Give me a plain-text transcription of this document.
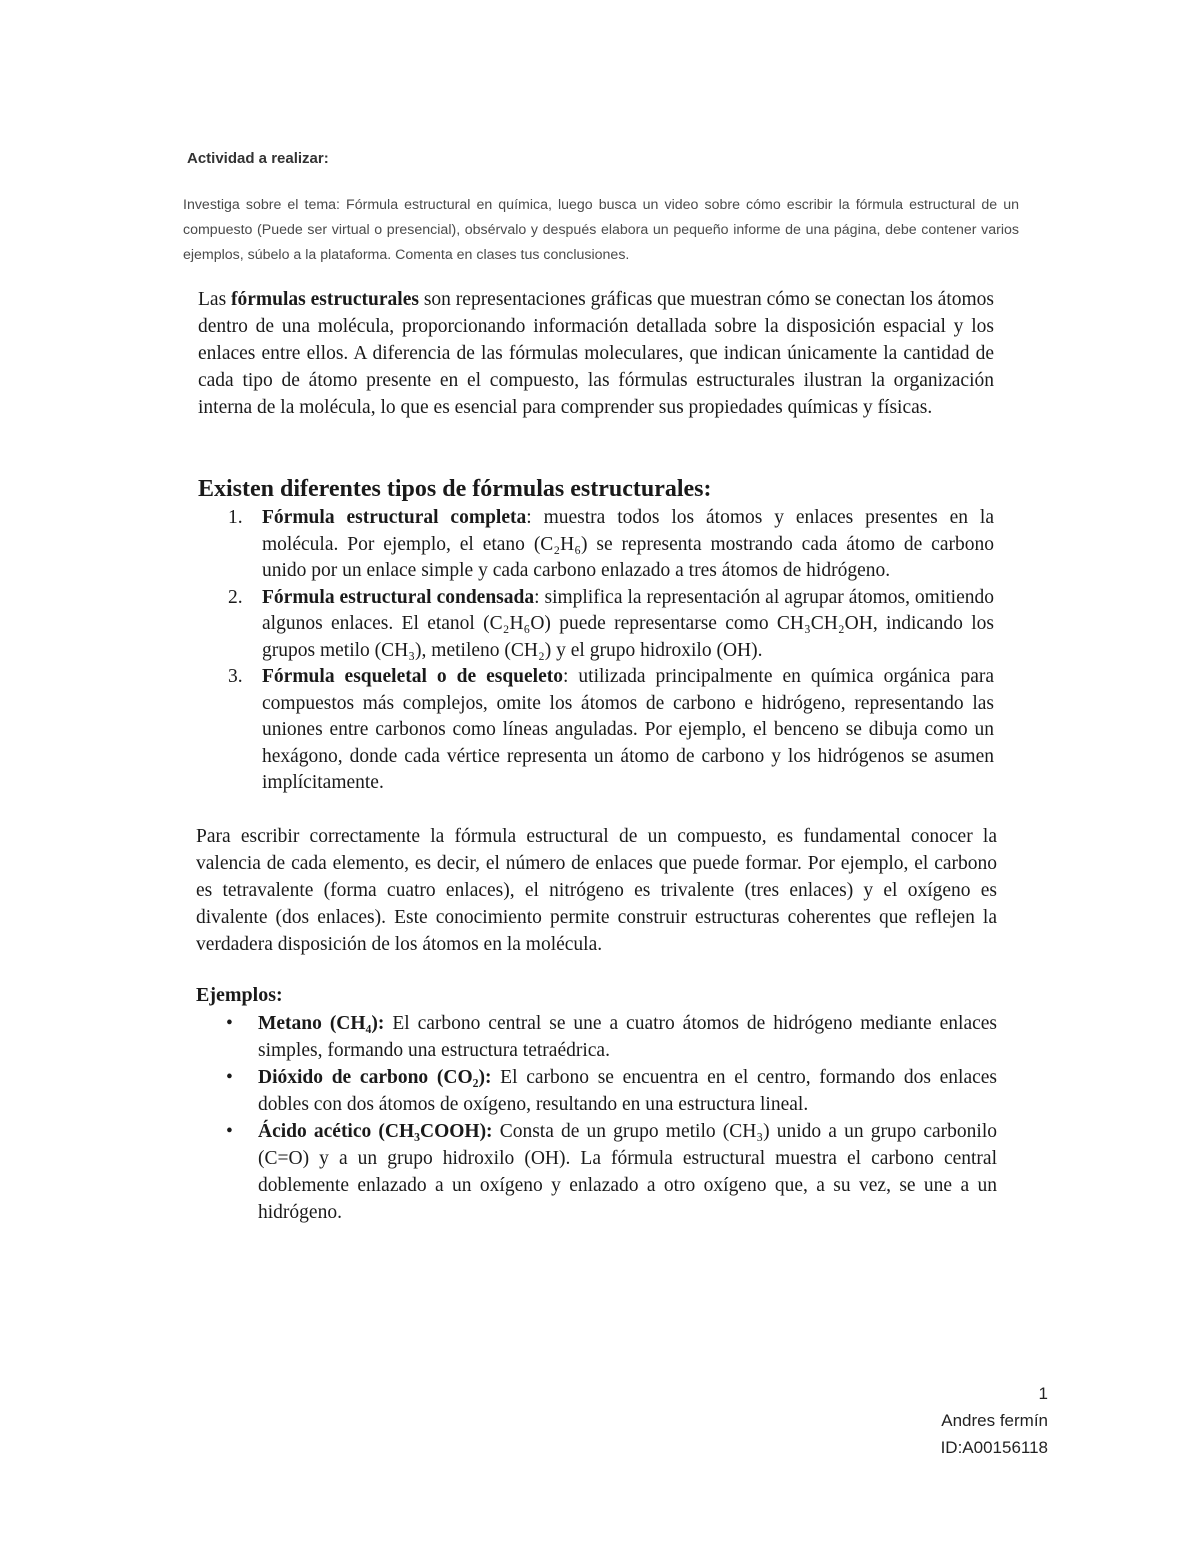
Actividad a realizar:

Investiga sobre el tema: Fórmula estructural en química, luego busca un video sobre cómo escribir la fórmula estructural de un compuesto (Puede ser virtual o presencial), obsérvalo y después elabora un pequeño informe de una página, debe contener varios ejemplos, súbelo a la plataforma. Comenta en clases tus conclusiones.

Las fórmulas estructurales son representaciones gráficas que muestran cómo se conectan los átomos dentro de una molécula, proporcionando información detallada sobre la disposición espacial y los enlaces entre ellos. A diferencia de las fórmulas moleculares, que indican únicamente la cantidad de cada tipo de átomo presente en el compuesto, las fórmulas estructurales ilustran la organización interna de la molécula, lo que es esencial para comprender sus propiedades químicas y físicas.

Existen diferentes tipos de fórmulas estructurales:
1. Fórmula estructural completa: muestra todos los átomos y enlaces presentes en la molécula. Por ejemplo, el etano (C₂H₆) se representa mostrando cada átomo de carbono unido por un enlace simple y cada carbono enlazado a tres átomos de hidrógeno.
2. Fórmula estructural condensada: simplifica la representación al agrupar átomos, omitiendo algunos enlaces. El etanol (C₂H₆O) puede representarse como CH₃CH₂OH, indicando los grupos metilo (CH₃), metileno (CH₂) y el grupo hidroxilo (OH).
3. Fórmula esqueletal o de esqueleto: utilizada principalmente en química orgánica para compuestos más complejos, omite los átomos de carbono e hidrógeno, representando las uniones entre carbonos como líneas anguladas. Por ejemplo, el benceno se dibuja como un hexágono, donde cada vértice representa un átomo de carbono y los hidrógenos se asumen implícitamente.

Para escribir correctamente la fórmula estructural de un compuesto, es fundamental conocer la valencia de cada elemento, es decir, el número de enlaces que puede formar. Por ejemplo, el carbono es tetravalente (forma cuatro enlaces), el nitrógeno es trivalente (tres enlaces) y el oxígeno es divalente (dos enlaces). Este conocimiento permite construir estructuras coherentes que reflejen la verdadera disposición de los átomos en la molécula.

Ejemplos:
• Metano (CH₄): El carbono central se une a cuatro átomos de hidrógeno mediante enlaces simples, formando una estructura tetraédrica.
• Dióxido de carbono (CO₂): El carbono se encuentra en el centro, formando dos enlaces dobles con dos átomos de oxígeno, resultando en una estructura lineal.
• Ácido acético (CH₃COOH): Consta de un grupo metilo (CH₃) unido a un grupo carbonilo (C=O) y a un grupo hidroxilo (OH). La fórmula estructural muestra el carbono central doblemente enlazado a un oxígeno y enlazado a otro oxígeno que, a su vez, se une a un hidrógeno.
1
Andres fermín
ID:A00156118
